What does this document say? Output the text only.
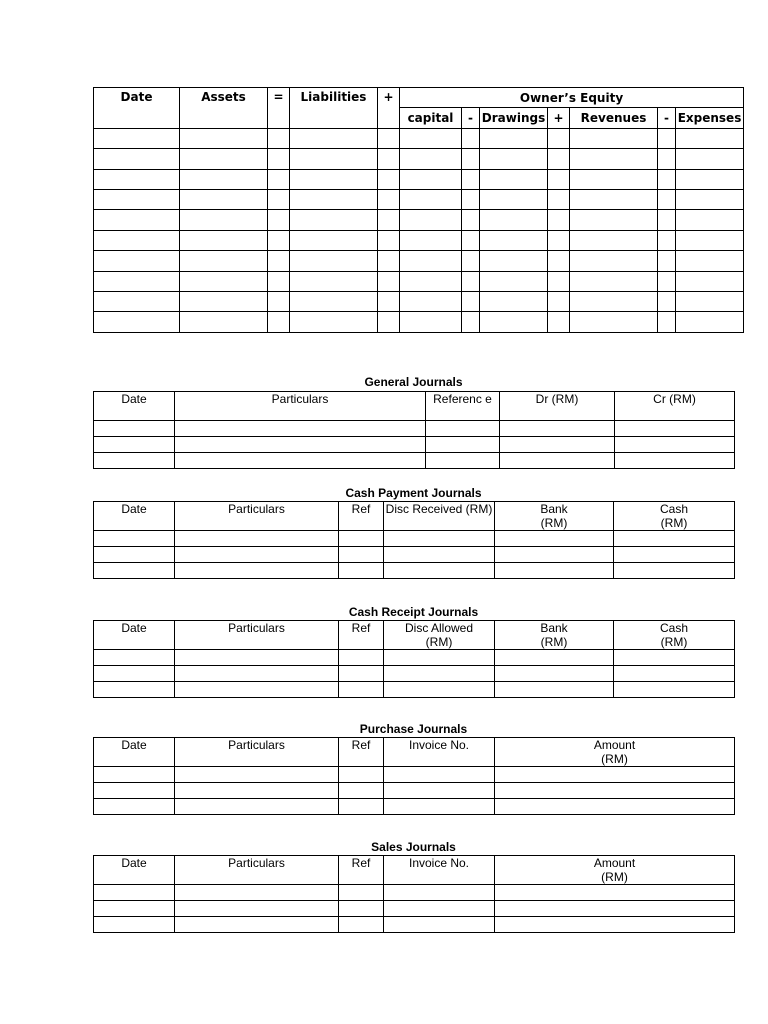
Date	Assets	=	Liabilities	+	Owner’s Equity						
					capital	-	Drawings	+	Revenues	-	Expenses

General Journals
Date	Particulars	Referenc e	Dr (RM)	Cr (RM)

Cash Payment Journals
Date	Particulars	Ref	Disc Received (RM)	Bank (RM)	Cash (RM)

Cash Receipt Journals
Date	Particulars	Ref	Disc Allowed (RM)	Bank (RM)	Cash (RM)

Purchase Journals
Date	Particulars	Ref	Invoice No.	Amount (RM)

Sales Journals
Date	Particulars	Ref	Invoice No.	Amount (RM)
